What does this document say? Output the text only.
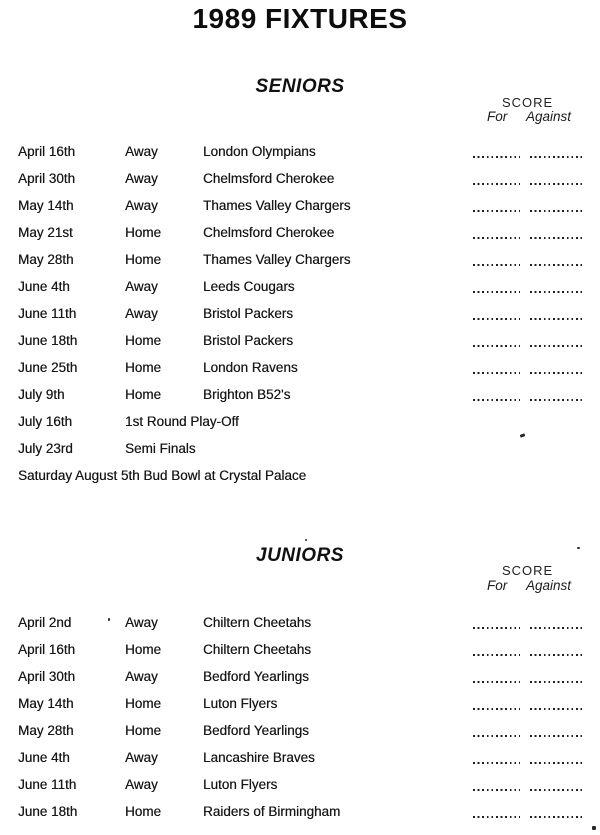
1989 FIXTURES
SENIORS
SCORE
For Against
April 16th	Away	London Olympians
April 30th	Away	Chelmsford Cherokee
May 14th	Away	Thames Valley Chargers
May 21st	Home	Chelmsford Cherokee
May 28th	Home	Thames Valley Chargers
June 4th	Away	Leeds Cougars
June 11th	Away	Bristol Packers
June 18th	Home	Bristol Packers
June 25th	Home	London Ravens
July 9th	Home	Brighton B52's
July 16th	1st Round Play-Off
July 23rd	Semi Finals
Saturday August 5th Bud Bowl at Crystal Palace
JUNIORS
SCORE
For Against
April 2nd	Away	Chiltern Cheetahs
April 16th	Home	Chiltern Cheetahs
April 30th	Away	Bedford Yearlings
May 14th	Home	Luton Flyers
May 28th	Home	Bedford Yearlings
June 4th	Away	Lancashire Braves
June 11th	Away	Luton Flyers
June 18th	Home	Raiders of Birmingham
